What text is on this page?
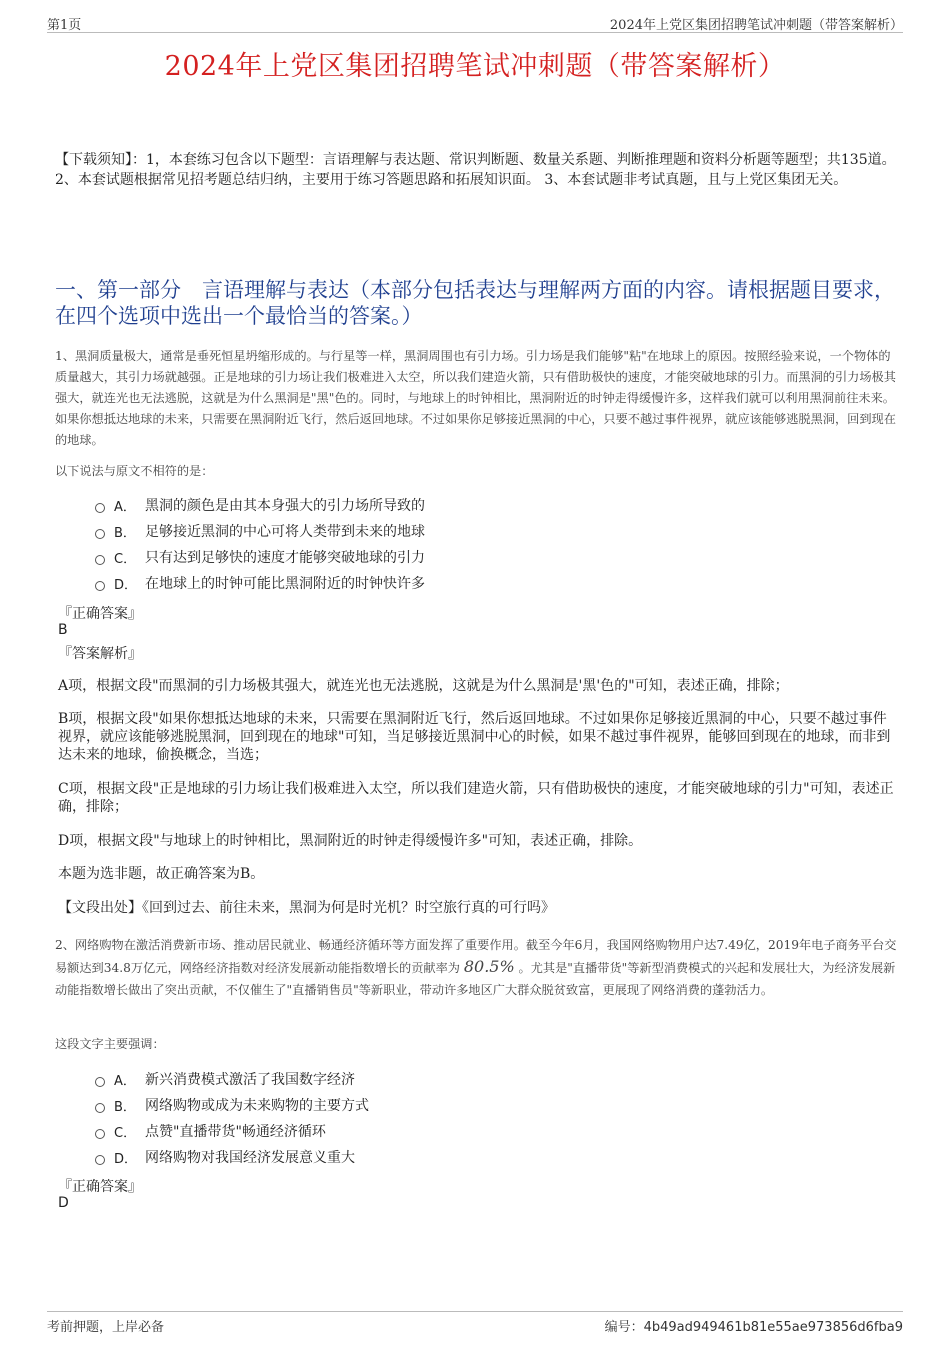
第1页	2024年上党区集团招聘笔试冲刺题（带答案解析）
2024年上党区集团招聘笔试冲刺题（带答案解析）
【下载须知】：1，本套练习包含以下题型：言语理解与表达题、常识判断题、数量关系题、判断推理题和资料分析题等题型；共135道。 2、本套试题根据常见招考题总结归纳，主要用于练习答题思路和拓展知识面。 3、本套试题非考试真题，且与上党区集团无关。
一、第一部分　言语理解与表达（本部分包括表达与理解两方面的内容。请根据题目要求，在四个选项中选出一个最恰当的答案。）
1、黑洞质量极大，通常是垂死恒星坍缩形成的。与行星等一样，黑洞周围也有引力场。引力场是我们能够"粘"在地球上的原因。按照经验来说，一个物体的质量越大，其引力场就越强。正是地球的引力场让我们极难进入太空，所以我们建造火箭，只有借助极快的速度，才能突破地球的引力。而黑洞的引力场极其强大，就连光也无法逃脱，这就是为什么黑洞是"黑"色的。同时，与地球上的时钟相比，黑洞附近的时钟走得缓慢许多，这样我们就可以利用黑洞前往未来。如果你想抵达地球的未来，只需要在黑洞附近飞行，然后返回地球。不过如果你足够接近黑洞的中心，只要不越过事件视界，就应该能够逃脱黑洞，回到现在的地球。
以下说法与原文不相符的是：
A． 黑洞的颜色是由其本身强大的引力场所导致的
B． 足够接近黑洞的中心可将人类带到未来的地球
C． 只有达到足够快的速度才能够突破地球的引力
D． 在地球上的时钟可能比黑洞附近的时钟快许多
『正确答案』
B
『答案解析』
A项，根据文段"而黑洞的引力场极其强大，就连光也无法逃脱，这就是为什么黑洞是'黑'色的"可知，表述正确，排除；
B项，根据文段"如果你想抵达地球的未来，只需要在黑洞附近飞行，然后返回地球。不过如果你足够接近黑洞的中心，只要不越过事件视界，就应该能够逃脱黑洞，回到现在的地球"可知，当足够接近黑洞中心的时候，如果不越过事件视界，能够回到现在的地球，而非到达未来的地球，偷换概念，当选；
C项，根据文段"正是地球的引力场让我们极难进入太空，所以我们建造火箭，只有借助极快的速度，才能突破地球的引力"可知，表述正确，排除；
D项，根据文段"与地球上的时钟相比，黑洞附近的时钟走得缓慢许多"可知，表述正确，排除。
本题为选非题，故正确答案为B。
【文段出处】《回到过去、前往未来，黑洞为何是时光机？时空旅行真的可行吗》
2、网络购物在激活消费新市场、推动居民就业、畅通经济循环等方面发挥了重要作用。截至今年6月，我国网络购物用户达7.49亿，2019年电子商务平台交易额达到34.8万亿元，网络经济指数对经济发展新动能指数增长的贡献率为 80.5% 。尤其是"直播带货"等新型消费模式的兴起和发展壮大，为经济发展新动能指数增长做出了突出贡献，不仅催生了"直播销售员"等新职业，带动许多地区广大群众脱贫致富，更展现了网络消费的蓬勃活力。
这段文字主要强调：
A． 新兴消费模式激活了我国数字经济
B． 网络购物或成为未来购物的主要方式
C． 点赞"直播带货"畅通经济循环
D． 网络购物对我国经济发展意义重大
『正确答案』
D
考前押题，上岸必备	编号：4b49ad949461b81e55ae973856d6fba9
